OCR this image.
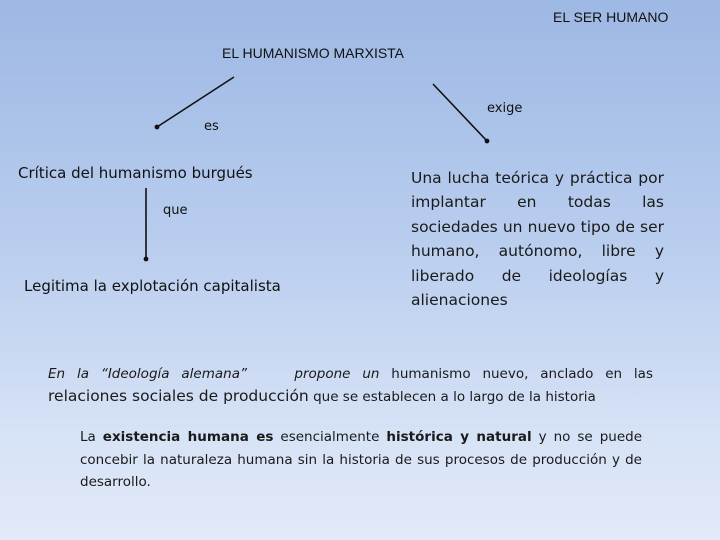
EL SER HUMANO
EL HUMANISMO MARXISTA
es
exige
Crítica del humanismo burgués
que
Legitima la explotación capitalista
Una lucha teórica y práctica por implantar en todas las sociedades un nuevo tipo de ser humano, autónomo, libre y liberado de ideologías y alienaciones
En la “Ideología alemana”	propone un humanismo nuevo, anclado en las
relaciones sociales de producción que se establecen a lo largo de la historia
La existencia humana es esencialmente histórica y natural y no se puede concebir la naturaleza humana sin la historia de sus procesos de producción y de desarrollo.
